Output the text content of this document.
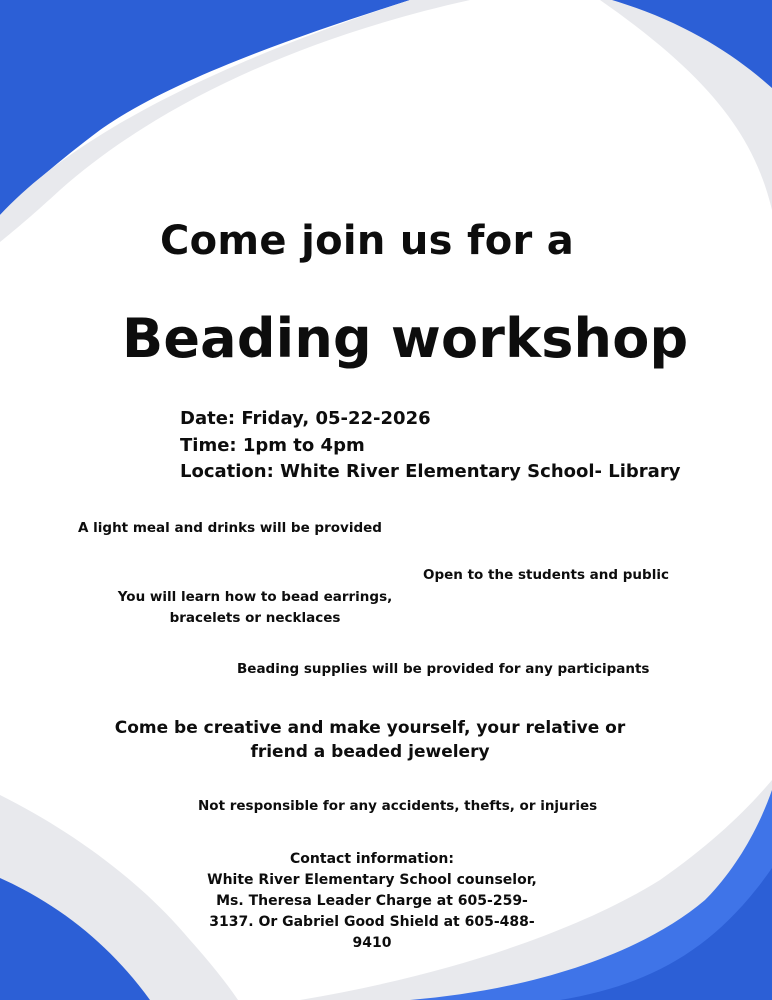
Come join us for a
Beading workshop
Date: Friday, 05-22-2026
Time: 1pm to 4pm
Location: White River Elementary School- Library
A light meal and drinks will be provided
Open to the students and public
You will learn how to bead earrings,
bracelets or necklaces
Beading supplies will be provided for any participants
Come be creative and make yourself, your relative or
friend a beaded jewelery
Not responsible for any accidents, thefts, or injuries
Contact information:
White River Elementary School counselor,
Ms. Theresa Leader Charge at 605-259-
3137. Or Gabriel Good Shield at 605-488-
9410
